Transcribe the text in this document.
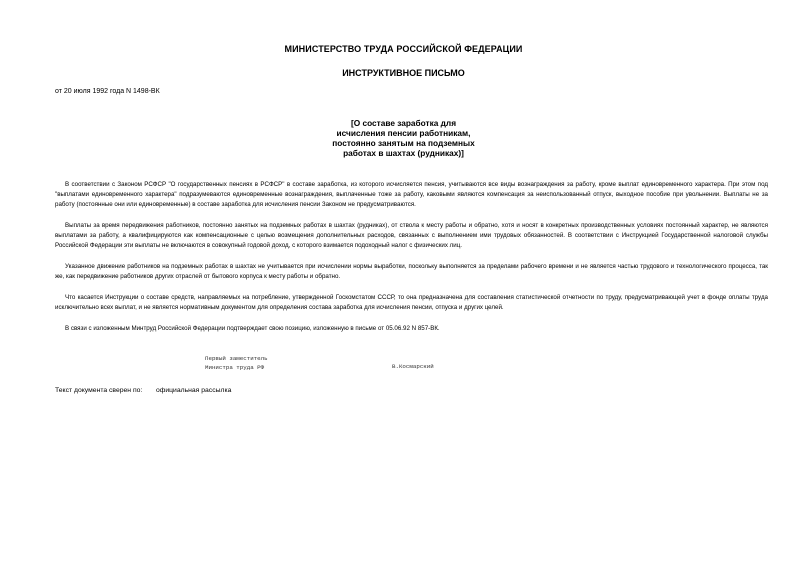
МИНИСТЕРСТВО ТРУДА РОССИЙСКОЙ ФЕДЕРАЦИИ
ИНСТРУКТИВНОЕ ПИСЬМО
от 20 июля 1992 года N 1498-ВК
[О составе заработка для
исчисления пенсии работникам,
постоянно занятым на подземных
работах в шахтах (рудниках)]

В соответствии с Законом РСФСР "О государственных пенсиях в РСФСР" в составе заработка, из которого исчисляется пенсия, учитываются все виды вознаграждения за работу, кроме выплат единовременного характера. При этом под "выплатами единовременного характера" подразумеваются единовременные вознаграждения, выплаченные тоже за работу, каковыми являются компенсация за неиспользованный отпуск, выходное пособие при увольнении. Выплаты не за работу (постоянные они или единовременные) в составе заработка для исчисления пенсии Законом не предусматриваются.

Выплаты за время передвижения работников, постоянно занятых на подземных работах в шахтах (рудниках), от ствола к месту работы и обратно, хотя и носят в конкретных производственных условиях постоянный характер, не являются выплатами за работу, а квалифицируются как компенсационные с целью возмещения дополнительных расходов, связанных с выполнением ими трудовых обязанностей. В соответствии с Инструкцией Государственной налоговой службы Российской Федерации эти выплаты не включаются в совокупный годовой доход, с которого взимается подоходный налог с физических лиц.

Указанное движение работников на подземных работах в шахтах не учитывается при исчислении нормы выработки, поскольку выполняется за пределами рабочего времени и не является частью трудового и технологического процесса, так же, как передвижение работников других отраслей от бытового корпуса к месту работы и обратно.

Что касается Инструкции о составе средств, направляемых на потребление, утвержденной Госкомстатом СССР, то она предназначена для составления статистической отчетности по труду, предусматривающей учет в фонде оплаты труда исключительно всех выплат, и не является нормативным документом для определения состава заработка для исчисления пенсии, отпуска и других целей.

В связи с изложенным Минтруд Российской Федерации подтверждает свою позицию, изложенную в письме от 05.06.92 N 857-ВК.

Первый заместитель
Министра труда РФ	В.Космарский
Текст документа сверен по: официальная рассылка
